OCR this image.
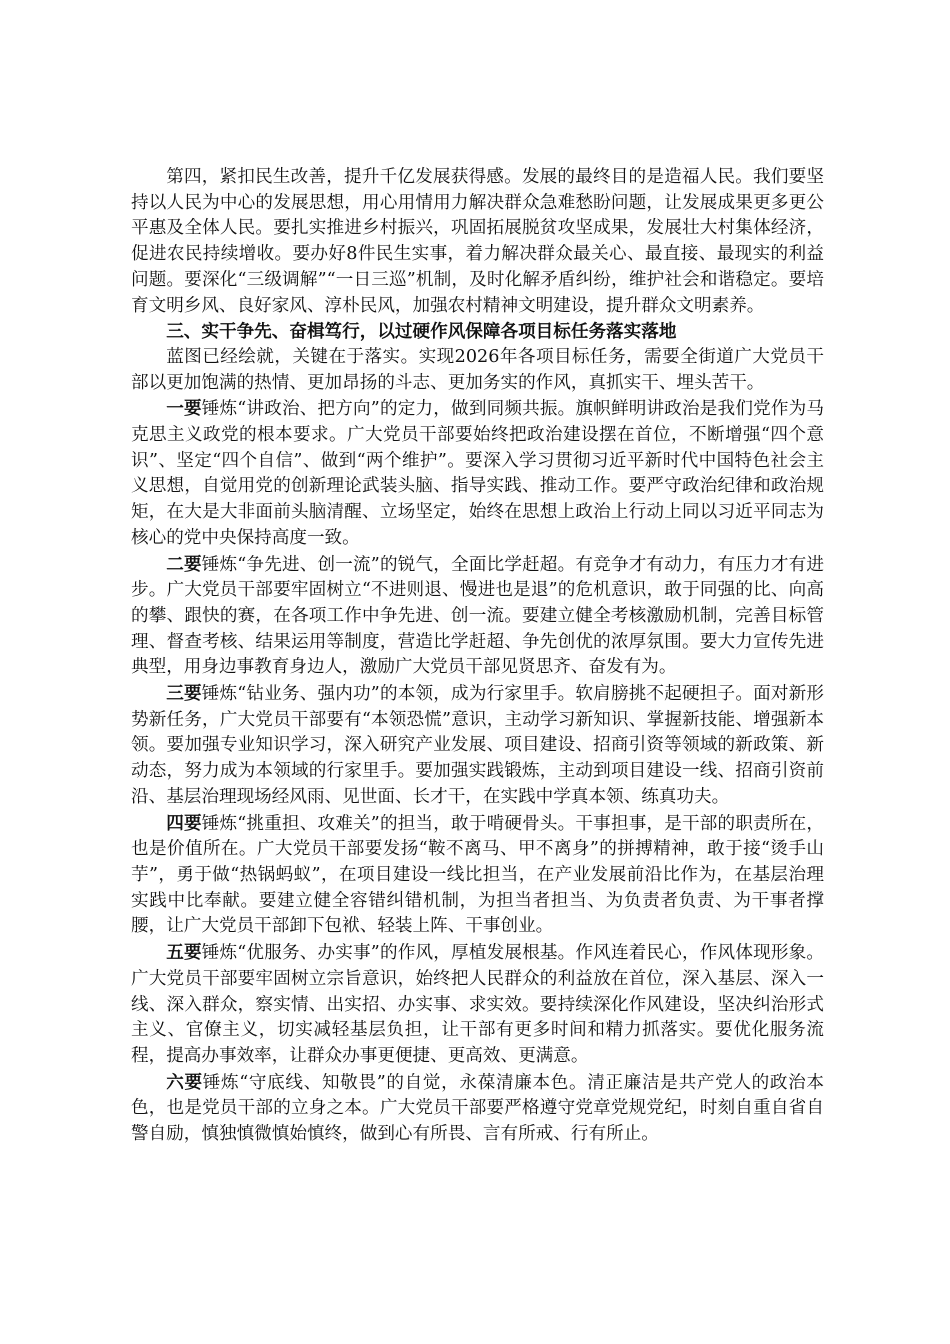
第四，紧扣民生改善，提升千亿发展获得感。发展的最终目的是造福人民。我们要坚持以人民为中心的发展思想，用心用情用力解决群众急难愁盼问题，让发展成果更多更公平惠及全体人民。要扎实推进乡村振兴，巩固拓展脱贫攻坚成果，发展壮大村集体经济，促进农民持续增收。要办好8件民生实事，着力解决群众最关心、最直接、最现实的利益问题。要深化“三级调解”“一日三巡”机制，及时化解矛盾纠纷，维护社会和谐稳定。要培育文明乡风、良好家风、淳朴民风，加强农村精神文明建设，提升群众文明素养。

三、实干争先、奋楫笃行，以过硬作风保障各项目标任务落实落地

蓝图已经绘就，关键在于落实。实现2026年各项目标任务，需要全街道广大党员干部以更加饱满的热情、更加昂扬的斗志、更加务实的作风，真抓实干、埋头苦干。

一要锤炼“讲政治、把方向”的定力，做到同频共振。旗帜鲜明讲政治是我们党作为马克思主义政党的根本要求。广大党员干部要始终把政治建设摆在首位，不断增强“四个意识”、坚定“四个自信”、做到“两个维护”。要深入学习贯彻习近平新时代中国特色社会主义思想，自觉用党的创新理论武装头脑、指导实践、推动工作。要严守政治纪律和政治规矩，在大是大非面前头脑清醒、立场坚定，始终在思想上政治上行动上同以习近平同志为核心的党中央保持高度一致。

二要锤炼“争先进、创一流”的锐气，全面比学赶超。有竞争才有动力，有压力才有进步。广大党员干部要牢固树立“不进则退、慢进也是退”的危机意识，敢于同强的比、向高的攀、跟快的赛，在各项工作中争先进、创一流。要建立健全考核激励机制，完善目标管理、督查考核、结果运用等制度，营造比学赶超、争先创优的浓厚氛围。要大力宣传先进典型，用身边事教育身边人，激励广大党员干部见贤思齐、奋发有为。

三要锤炼“钻业务、强内功”的本领，成为行家里手。软肩膀挑不起硬担子。面对新形势新任务，广大党员干部要有“本领恐慌”意识，主动学习新知识、掌握新技能、增强新本领。要加强专业知识学习，深入研究产业发展、项目建设、招商引资等领域的新政策、新动态，努力成为本领域的行家里手。要加强实践锻炼，主动到项目建设一线、招商引资前沿、基层治理现场经风雨、见世面、长才干，在实践中学真本领、练真功夫。

四要锤炼“挑重担、攻难关”的担当，敢于啃硬骨头。干事担事，是干部的职责所在，也是价值所在。广大党员干部要发扬“鞍不离马、甲不离身”的拼搏精神，敢于接“烫手山芋”，勇于做“热锅蚂蚁”，在项目建设一线比担当，在产业发展前沿比作为，在基层治理实践中比奉献。要建立健全容错纠错机制，为担当者担当、为负责者负责、为干事者撑腰，让广大党员干部卸下包袱、轻装上阵、干事创业。

五要锤炼“优服务、办实事”的作风，厚植发展根基。作风连着民心，作风体现形象。广大党员干部要牢固树立宗旨意识，始终把人民群众的利益放在首位，深入基层、深入一线、深入群众，察实情、出实招、办实事、求实效。要持续深化作风建设，坚决纠治形式主义、官僚主义，切实减轻基层负担，让干部有更多时间和精力抓落实。要优化服务流程，提高办事效率，让群众办事更便捷、更高效、更满意。

六要锤炼“守底线、知敬畏”的自觉，永葆清廉本色。清正廉洁是共产党人的政治本色，也是党员干部的立身之本。广大党员干部要严格遵守党章党规党纪，时刻自重自省自警自励，慎独慎微慎始慎终，做到心有所畏、言有所戒、行有所止。
